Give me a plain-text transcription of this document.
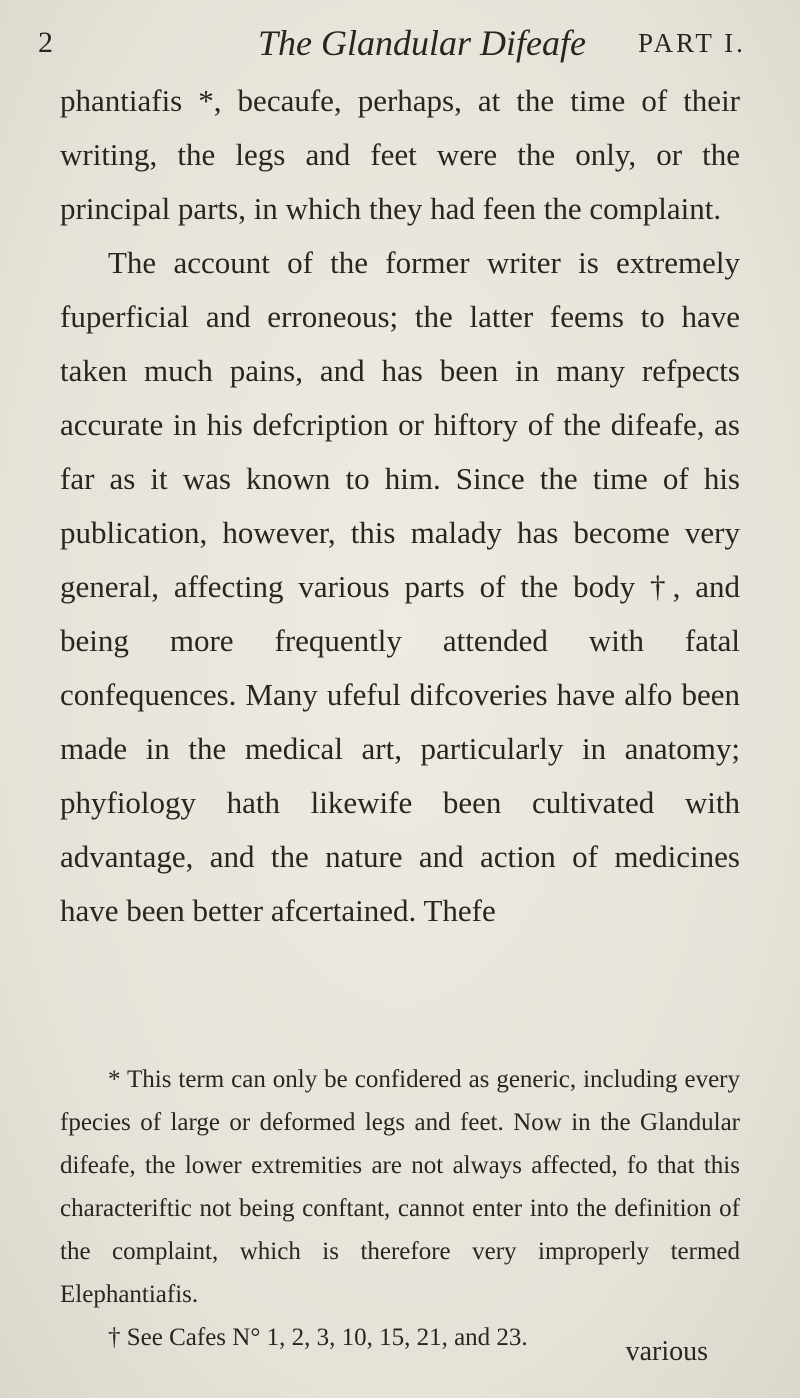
2	The Glandular Difeafe PART I.

phantiafis *, becaufe, perhaps, at the time of their writing, the legs and feet were the only, or the principal parts, in which they had feen the complaint.

The account of the former writer is extremely fuperficial and erroneous; the latter feems to have taken much pains, and has been in many refpects accurate in his defcription or hiftory of the difeafe, as far as it was known to him. Since the time of his publication, however, this malady has become very general, affecting various parts of the body †, and being more frequently attended with fatal confequences. Many ufeful difcoveries have alfo been made in the medical art, particularly in anatomy; phyfiology hath likewife been cultivated with advantage, and the nature and action of medicines have been better afcertained. Thefe

* This term can only be confidered as generic, including every fpecies of large or deformed legs and feet. Now in the Glandular difeafe, the lower extremities are not always affected, fo that this characteriftic not being conftant, cannot enter into the definition of the complaint, which is therefore very improperly termed Elephantiafis.

† See Cafes N° 1, 2, 3, 10, 15, 21, and 23.	various
